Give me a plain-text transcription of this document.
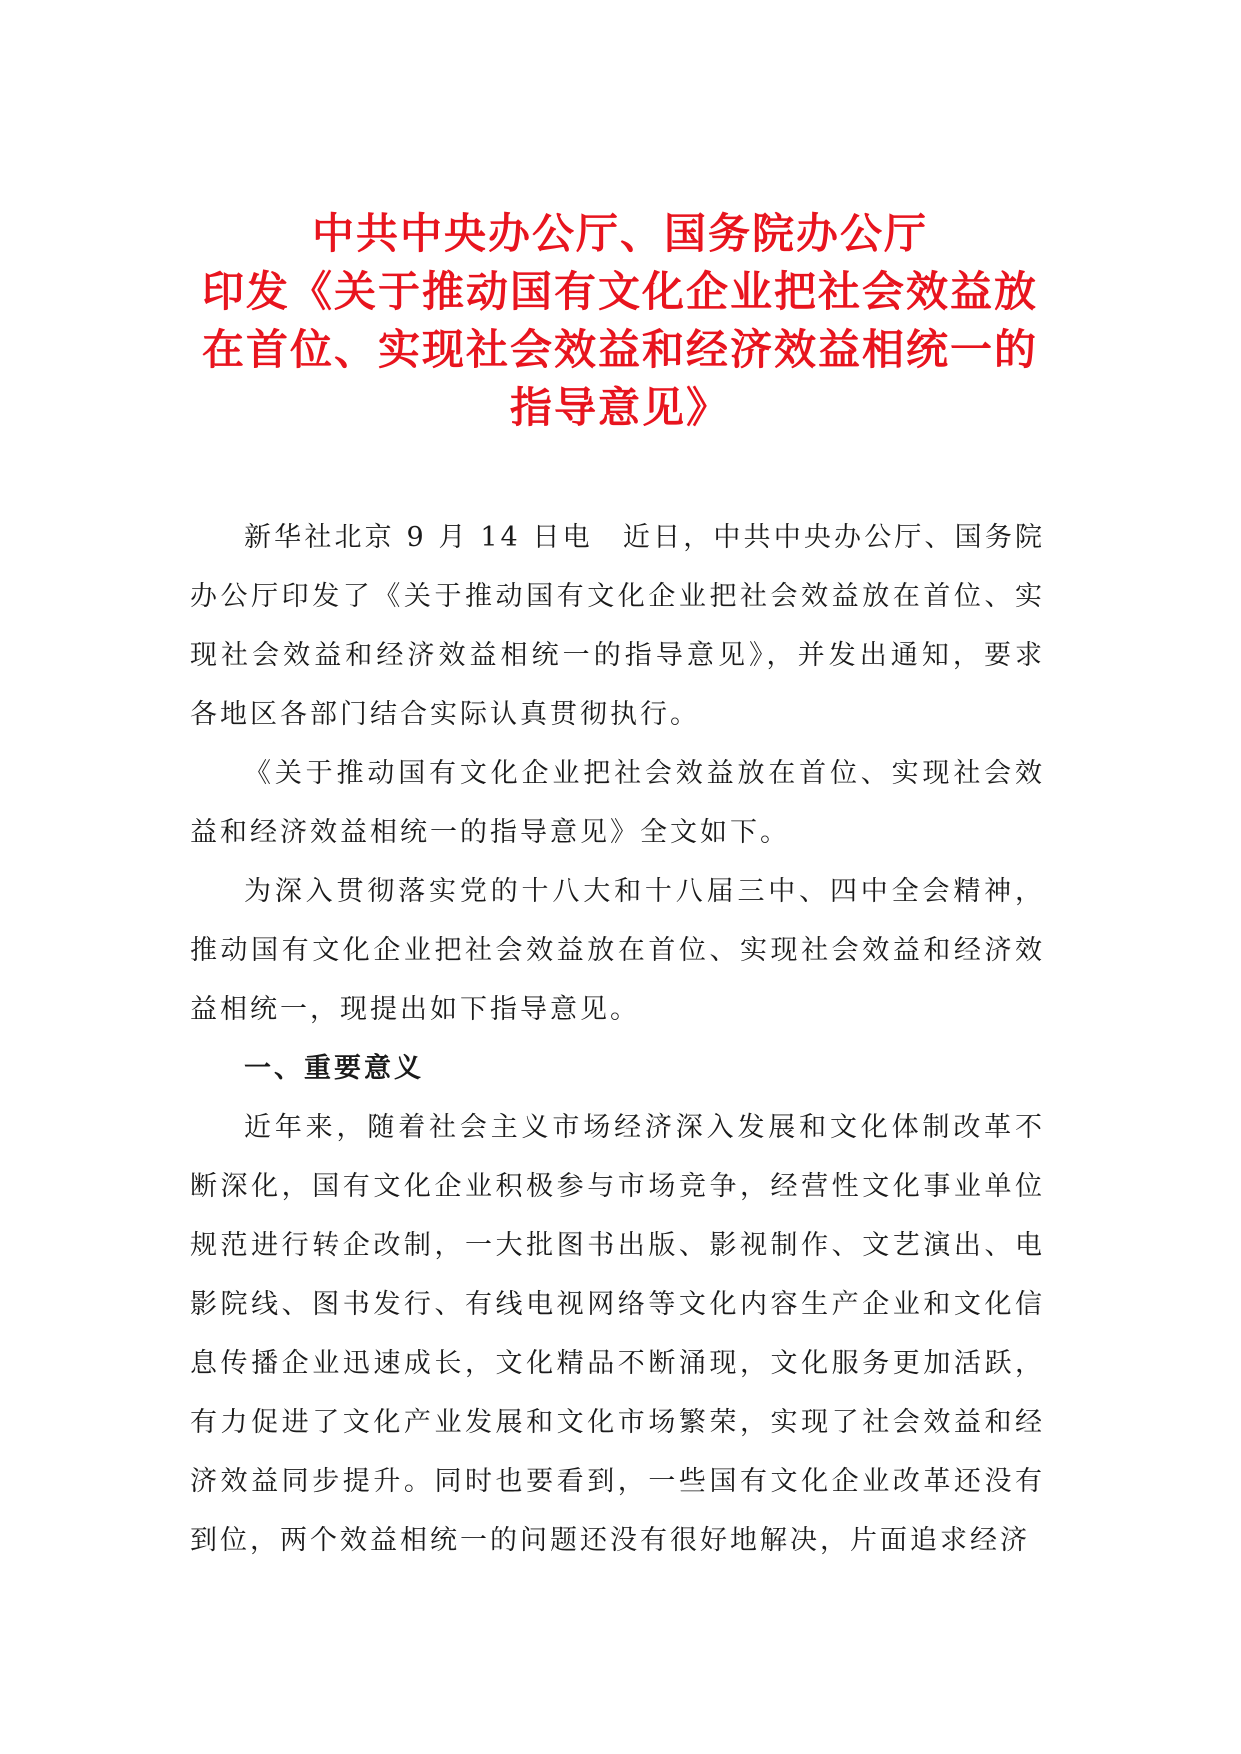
中共中央办公厅、国务院办公厅
印发《关于推动国有文化企业把社会效益放
在首位、实现社会效益和经济效益相统一的
指导意见》

新华社北京 9 月 14 日电　近日，中共中央办公厅、国务院办公厅印发了《关于推动国有文化企业把社会效益放在首位、实现社会效益和经济效益相统一的指导意见》，并发出通知，要求各地区各部门结合实际认真贯彻执行。

《关于推动国有文化企业把社会效益放在首位、实现社会效益和经济效益相统一的指导意见》全文如下。

为深入贯彻落实党的十八大和十八届三中、四中全会精神，推动国有文化企业把社会效益放在首位、实现社会效益和经济效益相统一，现提出如下指导意见。

一、重要意义

近年来，随着社会主义市场经济深入发展和文化体制改革不断深化，国有文化企业积极参与市场竞争，经营性文化事业单位规范进行转企改制，一大批图书出版、影视制作、文艺演出、电影院线、图书发行、有线电视网络等文化内容生产企业和文化信息传播企业迅速成长，文化精品不断涌现，文化服务更加活跃，有力促进了文化产业发展和文化市场繁荣，实现了社会效益和经济效益同步提升。同时也要看到，一些国有文化企业改革还没有到位，两个效益相统一的问题还没有很好地解决，片面追求经济
